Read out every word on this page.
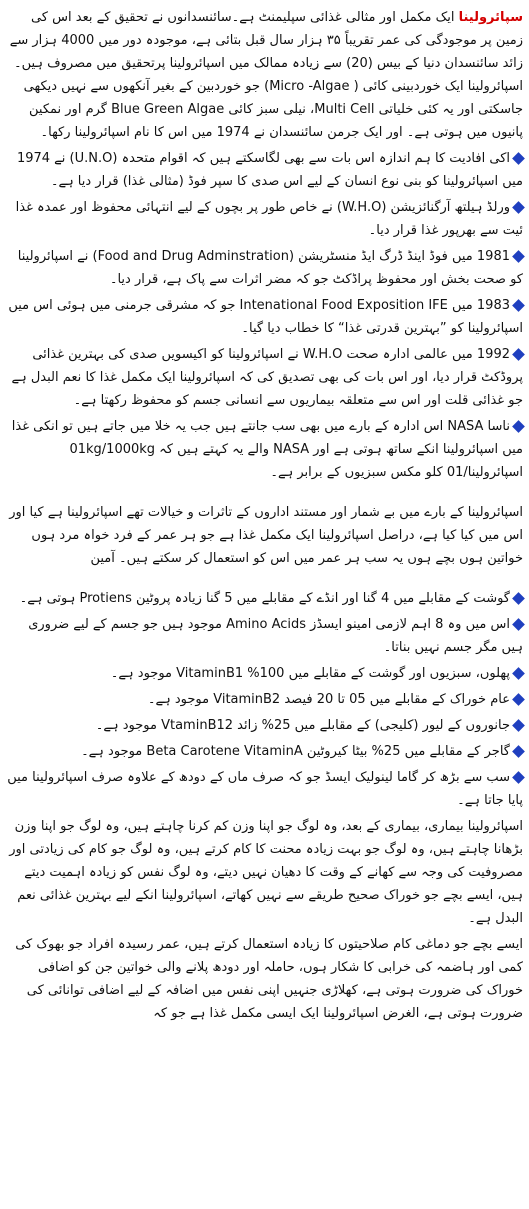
سپائرولینا ایک مکمل اور مثالی غذائی سپلیمنٹ ہے۔سائنسدانوں نے تحقیق کے بعد اس کی زمین پر موجودگی کی عمر تقریباً ۳۵ ہزار سال قبل بتائی ہے، موجودہ دور میں 4000 ہزار سے زائد سائنسدان دنیا کے بیس (20) سے زیادہ ممالک میں اسپائرولینا پرتحقیق میں مصروف ہیں۔ اسپائرولینا ایک خوردبینی کائی ( Micro -Algae) جو خوردبین کے بغیر آنکھوں سے نہیں دیکھی جاسکتی اور یہ کئی خلیاتی Multi Cell، نیلی سبز کائی Blue Green Algae گرم اور نمکین پانیوں میں ہوتی ہے۔ اور ایک جرمن سائنسدان نے 1974 میں اس کا نام اسپائرولینا رکھا۔

اکی افادیت کا ہم اندازہ اس بات سے بھی لگاسکتے ہیں کہ اقوام متحدہ (U.N.O) نے 1974 میں اسپائرولینا کو بنی نوع انسان کے لیے اس صدی کا سپر فوڈ (مثالی غذا) قرار دیا ہے۔

ورلڈ ہیلتھ آرگنائزیشن (W.H.O) نے خاص طور پر بچوں کے لیے انتہائی محفوظ اور عمدہ غذا ئیت سے بھرپور غذا قرار دیا۔

1981 میں فوڈ اینڈ ڈرگ ایڈ منسٹریشن (Food and Drug Adminstration) نے اسپائرولینا کو صحت بخش اور محفوظ پراڈکٹ جو کہ مضر اثرات سے پاک ہے، قرار دیا۔

1983 میں Intenational Food Exposition IFE جو کہ مشرقی جرمنی میں ہوئی اس میں اسپائرولینا کو ”بہترین قدرتی غذا“ کا خطاب دیا گیا۔

1992 میں عالمی ادارہ صحت W.H.O نے اسپائرولینا کو اکیسویں صدی کی بہترین غذائی پروڈکٹ قرار دیا، اور اس بات کی بھی تصدیق کی کہ اسپائرولینا ایک مکمل غذا کا نعم البدل ہے جو غذائی قلت اور اس سے متعلقہ بیماریوں سے انسانی جسم کو محفوظ رکھتا ہے۔

ناسا NASA اس ادارہ کے بارے میں بھی سب جانتے ہیں جب یہ خلا میں جاتے ہیں تو انکی غذا میں اسپائرولینا انکے ساتھ ہوتی ہے اور NASA والے یہ کہتے ہیں کہ 01kg/1000kg اسپائرولینا/01 کلو مکس سبزیوں کے برابر ہے۔

اسپائرولینا کے بارے میں بے شمار اور مستند اداروں کے تاثرات و خیالات تھے اسپائرولینا ہے کیا اور اس میں کیا کیا ہے، دراصل اسپائرولینا ایک مکمل غذا ہے جو ہر عمر کے فرد خواہ مرد ہوں خواتین ہوں بچے ہوں یہ سب ہر عمر میں اس کو استعمال کر سکتے ہیں۔ آمین

گوشت کے مقابلے میں 4 گنا اور انڈے کے مقابلے میں 5 گنا زیادہ پروٹین Protiens ہوتی ہے۔

اس میں وہ 8 اہم لازمی امینو ایسڈز Amino Acids موجود ہیں جو جسم کے لیے ضروری ہیں مگر جسم نہیں بناتا۔

پھلوں، سبزیوں اور گوشت کے مقابلے میں 100% VitaminB1 موجود ہے۔

عام خوراک کے مقابلے میں 05 تا 20 فیصد VitaminB2 موجود ہے۔

جانوروں کے لیور (کلیجی) کے مقابلے میں 25% زائد VtaminB12 موجود ہے۔

گاجر کے مقابلے میں 25% بیٹا کیروٹین Beta Carotene VitaminA موجود ہے۔

سب سے بڑھ کر گاما لینولیک ایسڈ جو کہ صرف ماں کے دودھ کے علاوہ صرف اسپائرولینا میں پایا جاتا ہے۔

اسپائرولینا بیماری، بیماری کے بعد، وہ لوگ جو اپنا وزن کم کرنا چاہتے ہیں، وہ لوگ جو اپنا وزن بڑھانا چاہتے ہیں، وہ لوگ جو بہت زیادہ محنت کا کام کرتے ہیں، وہ لوگ جو کام کی زیادتی اور مصروفیت کی وجہ سے کھانے کے وقت کا دھیان نہیں دیتے، وہ لوگ نفس کو زیادہ اہمیت دیتے ہیں، ایسے بچے جو خوراک صحیح طریقے سے نہیں کھاتے، اسپائرولینا انکے لیے بہترین غذائی نعم البدل ہے۔

ایسے بچے جو دماغی کام صلاحیتوں کا زیادہ استعمال کرتے ہیں، عمر رسیدہ افراد جو بھوک کی کمی اور ہاضمہ کی خرابی کا شکار ہوں، حاملہ اور دودھ پلانے والی خواتین جن کو اضافی خوراک کی ضرورت ہوتی ہے، کھلاڑی جنہیں اپنی نفس میں اضافہ کے لیے اضافی توانائی کی ضرورت ہوتی ہے، الغرض اسپائرولینا ایک ایسی مکمل غذا ہے جو کہ
